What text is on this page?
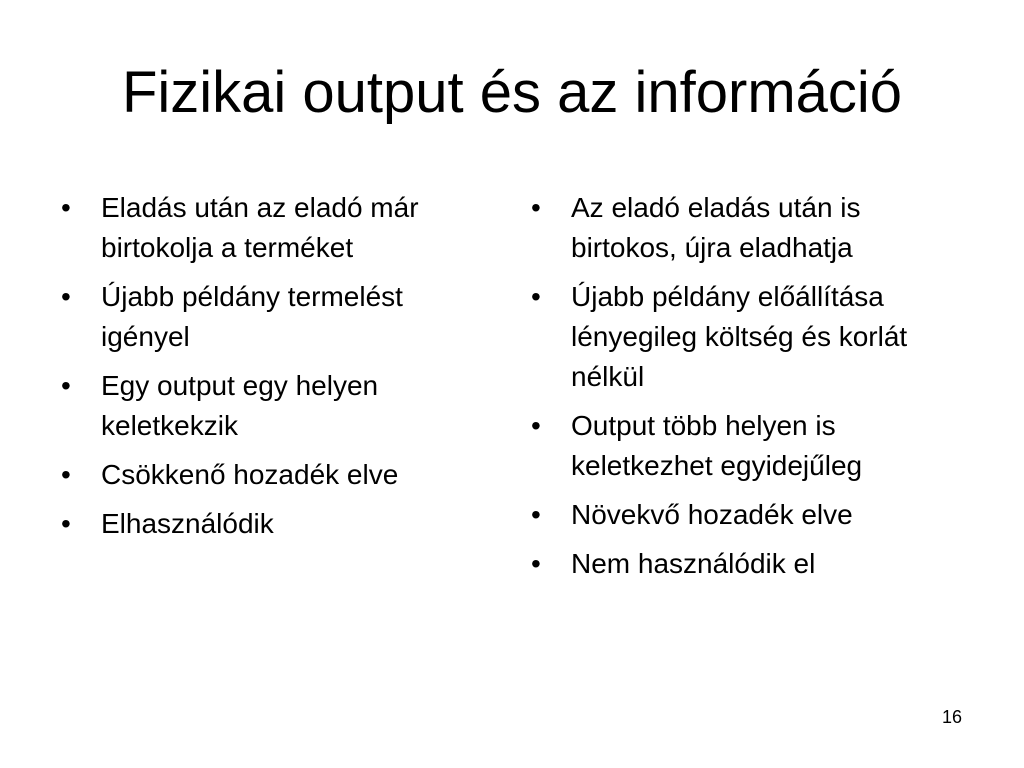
Fizikai output és az információ
• Eladás után az eladó már birtokolja a terméket
• Újabb példány termelést igényel
• Egy output egy helyen keletkekzik
• Csökkenő hozadék elve
• Elhasználódik
• Az eladó eladás után is birtokos, újra eladhatja
• Újabb példány előállítása lényegileg költség és korlát nélkül
• Output több helyen is keletkezhet egyidejűleg
• Növekvő hozadék elve
• Nem használódik el
16
